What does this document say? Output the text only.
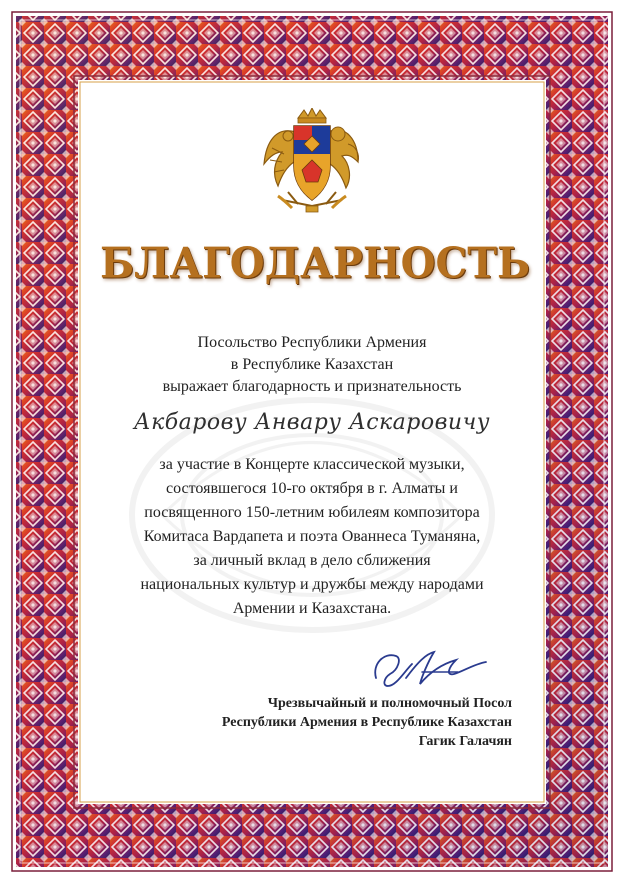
БЛАГОДАРНОСТЬ
Посольство Республики Армения
в Республике Казахстан
выражает благодарность и признательность
Акбарову Анвару Аскаровичу
за участие в Концерте классической музыки,
состоявшегося 10-го октября в г. Алматы и
посвященного 150-летним юбилеям композитора
Комитаса Вардапета и поэта Ованнеса Туманяна,
за личный вклад в дело сближения
национальных культур и дружбы между народами
Армении и Казахстана.
Чрезвычайный и полномочный Посол
Республики Армения в Республике Казахстан
Гагик Галачян
